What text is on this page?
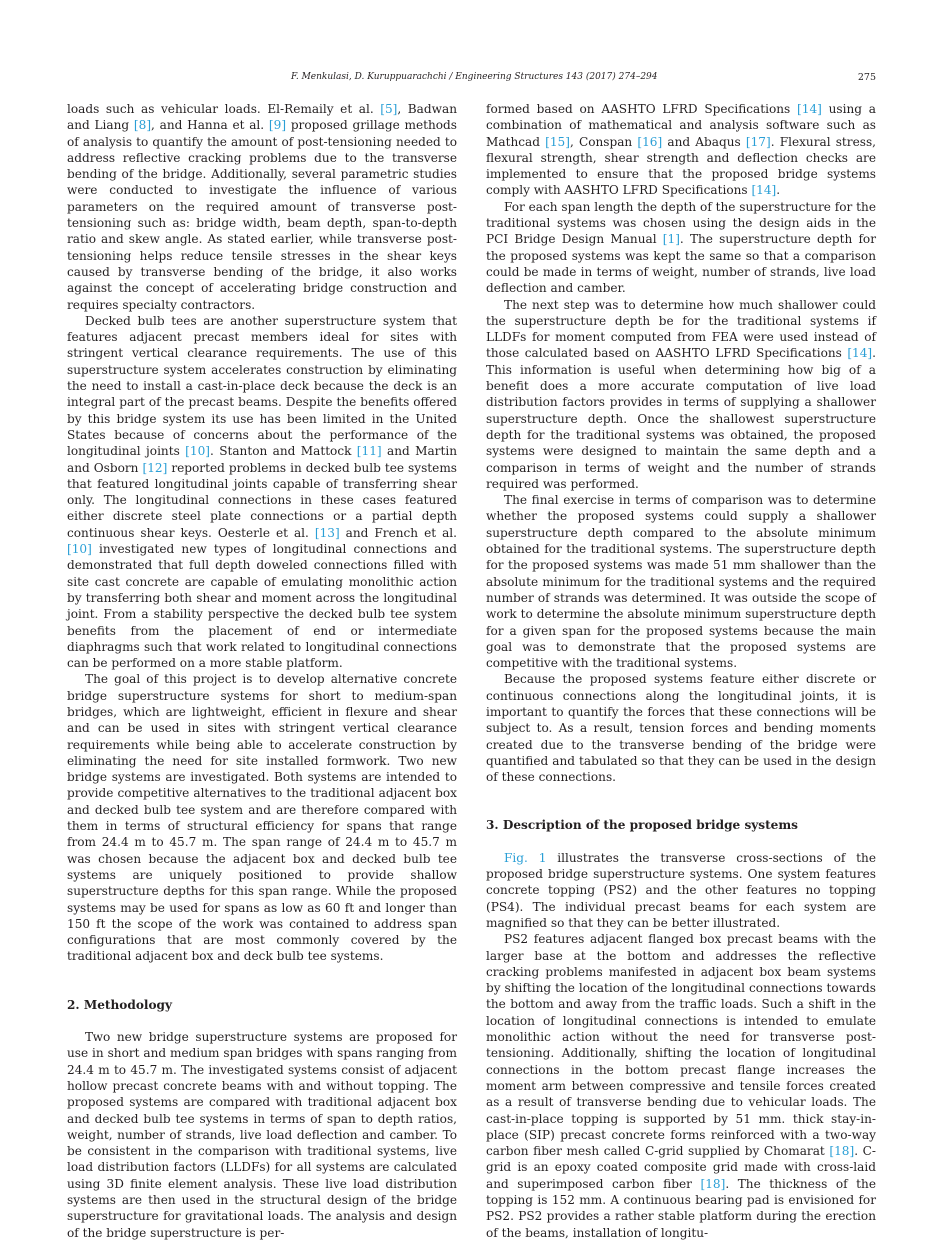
F. Menkulasi, D. Kuruppuarachchi / Engineering Structures 143 (2017) 274–294	275

loads such as vehicular loads. El-Remaily et al. [5], Badwan and Liang [8], and Hanna et al. [9] proposed grillage methods of analysis to quantify the amount of post-tensioning needed to address reflective cracking problems due to the transverse bending of the bridge. Additionally, several parametric studies were conducted to investigate the influence of various parameters on the required amount of transverse post-tensioning such as: bridge width, beam depth, span-to-depth ratio and skew angle. As stated earlier, while transverse post-tensioning helps reduce tensile stresses in the shear keys caused by transverse bending of the bridge, it also works against the concept of accelerating bridge construction and requires specialty contractors.

Decked bulb tees are another superstructure system that features adjacent precast members ideal for sites with stringent vertical clearance requirements. The use of this superstructure system accelerates construction by eliminating the need to install a cast-in-place deck because the deck is an integral part of the precast beams. Despite the benefits offered by this bridge system its use has been limited in the United States because of concerns about the performance of the longitudinal joints [10]. Stanton and Mattock [11] and Martin and Osborn [12] reported problems in decked bulb tee systems that featured longitudinal joints capable of transferring shear only. The longitudinal connections in these cases featured either discrete steel plate connections or a partial depth continuous shear keys. Oesterle et al. [13] and French et al. [10] investigated new types of longitudinal connections and demonstrated that full depth doweled connections filled with site cast concrete are capable of emulating monolithic action by transferring both shear and moment across the longitudinal joint. From a stability perspective the decked bulb tee system benefits from the placement of end or intermediate diaphragms such that work related to longitudinal connections can be performed on a more stable platform.

The goal of this project is to develop alternative concrete bridge superstructure systems for short to medium-span bridges, which are lightweight, efficient in flexure and shear and can be used in sites with stringent vertical clearance requirements while being able to accelerate construction by eliminating the need for site installed formwork. Two new bridge systems are investigated. Both systems are intended to provide competitive alternatives to the traditional adjacent box and decked bulb tee system and are therefore compared with them in terms of structural efficiency for spans that range from 24.4 m to 45.7 m. The span range of 24.4 m to 45.7 m was chosen because the adjacent box and decked bulb tee systems are uniquely positioned to provide shallow superstructure depths for this span range. While the proposed systems may be used for spans as low as 60 ft and longer than 150 ft the scope of the work was contained to address span configurations that are most commonly covered by the traditional adjacent box and deck bulb tee systems.

2. Methodology

Two new bridge superstructure systems are proposed for use in short and medium span bridges with spans ranging from 24.4 m to 45.7 m. The investigated systems consist of adjacent hollow precast concrete beams with and without topping. The proposed systems are compared with traditional adjacent box and decked bulb tee systems in terms of span to depth ratios, weight, number of strands, live load deflection and camber. To be consistent in the comparison with traditional systems, live load distribution factors (LLDFs) for all systems are calculated using 3D finite element analysis. These live load distribution systems are then used in the structural design of the bridge superstructure for gravitational loads. The analysis and design of the bridge superstructure is per-

formed based on AASHTO LFRD Specifications [14] using a combination of mathematical and analysis software such as Mathcad [15], Conspan [16] and Abaqus [17]. Flexural stress, flexural strength, shear strength and deflection checks are implemented to ensure that the proposed bridge systems comply with AASHTO LFRD Specifications [14].

For each span length the depth of the superstructure for the traditional systems was chosen using the design aids in the PCI Bridge Design Manual [1]. The superstructure depth for the proposed systems was kept the same so that a comparison could be made in terms of weight, number of strands, live load deflection and camber.

The next step was to determine how much shallower could the superstructure depth be for the traditional systems if LLDFs for moment computed from FEA were used instead of those calculated based on AASHTO LFRD Specifications [14]. This information is useful when determining how big of a benefit does a more accurate computation of live load distribution factors provides in terms of supplying a shallower superstructure depth. Once the shallowest superstructure depth for the traditional systems was obtained, the proposed systems were designed to maintain the same depth and a comparison in terms of weight and the number of strands required was performed.

The final exercise in terms of comparison was to determine whether the proposed systems could supply a shallower superstructure depth compared to the absolute minimum obtained for the traditional systems. The superstructure depth for the proposed systems was made 51 mm shallower than the absolute minimum for the traditional systems and the required number of strands was determined. It was outside the scope of work to determine the absolute minimum superstructure depth for a given span for the proposed systems because the main goal was to demonstrate that the proposed systems are competitive with the traditional systems.

Because the proposed systems feature either discrete or continuous connections along the longitudinal joints, it is important to quantify the forces that these connections will be subject to. As a result, tension forces and bending moments created due to the transverse bending of the bridge were quantified and tabulated so that they can be used in the design of these connections.

3. Description of the proposed bridge systems

Fig. 1 illustrates the transverse cross-sections of the proposed bridge superstructure systems. One system features concrete topping (PS2) and the other features no topping (PS4). The individual precast beams for each system are magnified so that they can be better illustrated.

PS2 features adjacent flanged box precast beams with the larger base at the bottom and addresses the reflective cracking problems manifested in adjacent box beam systems by shifting the location of the longitudinal connections towards the bottom and away from the traffic loads. Such a shift in the location of longitudinal connections is intended to emulate monolithic action without the need for transverse post-tensioning. Additionally, shifting the location of longitudinal connections in the bottom precast flange increases the moment arm between compressive and tensile forces created as a result of transverse bending due to vehicular loads. The cast-in-place topping is supported by 51 mm. thick stay-in-place (SIP) precast concrete forms reinforced with a two-way carbon fiber mesh called C-grid supplied by Chomarat [18]. C-grid is an epoxy coated composite grid made with cross-laid and superimposed carbon fiber [18]. The thickness of the topping is 152 mm. A continuous bearing pad is envisioned for PS2. PS2 provides a rather stable platform during the erection of the beams, installation of longitu-
